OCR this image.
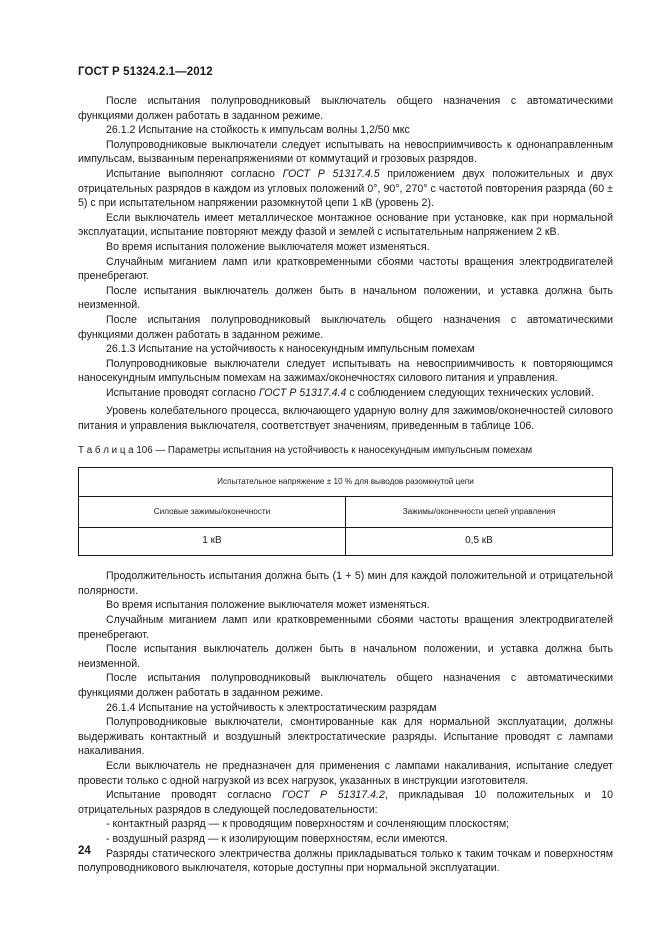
ГОСТ Р 51324.2.1—2012

После испытания полупроводниковый выключатель общего назначения с автоматическими функциями должен работать в заданном режиме.

26.1.2 Испытание на стойкость к импульсам волны 1,2/50 мкс

Полупроводниковые выключатели следует испытывать на невосприимчивость к однонаправленным импульсам, вызванным перенапряжениями от коммутаций и грозовых разрядов.

Испытание выполняют согласно ГОСТ Р 51317.4.5 приложением двух положительных и двух отрицательных разрядов в каждом из угловых положений 0°, 90°, 270° с частотой повторения разряда (60 ± 5) с при испытательном напряжении разомкнутой цепи 1 кВ (уровень 2).

Если выключатель имеет металлическое монтажное основание при установке, как при нормальной эксплуатации, испытание повторяют между фазой и землей с испытательным напряжением 2 кВ.

Во время испытания положение выключателя может изменяться.

Случайным миганием ламп или кратковременными сбоями частоты вращения электродвигателей пренебрегают.

После испытания выключатель должен быть в начальном положении, и уставка должна быть неизменной.

После испытания полупроводниковый выключатель общего назначения с автоматическими функциями должен работать в заданном режиме.

26.1.3 Испытание на устойчивость к наносекундным импульсным помехам

Полупроводниковые выключатели следует испытывать на невосприимчивость к повторяющимся наносекундным импульсным помехам на зажимах/оконечностях силового питания и управления.

Испытание проводят согласно ГОСТ Р 51317.4.4 с соблюдением следующих технических условий.

Уровень колебательного процесса, включающего ударную волну для зажимов/оконечностей силового питания и управления выключателя, соответствует значениям, приведенным в таблице 106.

Т а б л и ц а 106 — Параметры испытания на устойчивость к наносекундным импульсным помехам

Испытательное напряжение ± 10 % для выводов разомкнутой цепи	
Силовые зажимы/оконечности	Зажимы/оконечности цепей управления
1 кВ	0,5 кВ

Продолжительность испытания должна быть (1 + 5) мин для каждой положительной и отрицательной полярности.

Во время испытания положение выключателя может изменяться.

Случайным миганием ламп или кратковременными сбоями частоты вращения электродвигателей пренебрегают.

После испытания выключатель должен быть в начальном положении, и уставка должна быть неизменной.

После испытания полупроводниковый выключатель общего назначения с автоматическими функциями должен работать в заданном режиме.

26.1.4 Испытание на устойчивость к электростатическим разрядам

Полупроводниковые выключатели, смонтированные как для нормальной эксплуатации, должны выдерживать контактный и воздушный электростатические разряды. Испытание проводят с лампами накаливания.

Если выключатель не предназначен для применения с лампами накаливания, испытание следует провести только с одной нагрузкой из всех нагрузок, указанных в инструкции изготовителя.

Испытание проводят согласно ГОСТ Р 51317.4.2, прикладывая 10 положительных и 10 отрицательных разрядов в следующей последовательности:

- контактный разряд — к проводящим поверхностям и сочленяющим плоскостям;

- воздушный разряд — к изолирующим поверхностям, если имеются.

Разряды статического электричества должны прикладываться только к таким точкам и поверхностям полупроводникового выключателя, которые доступны при нормальной эксплуатации.

24
